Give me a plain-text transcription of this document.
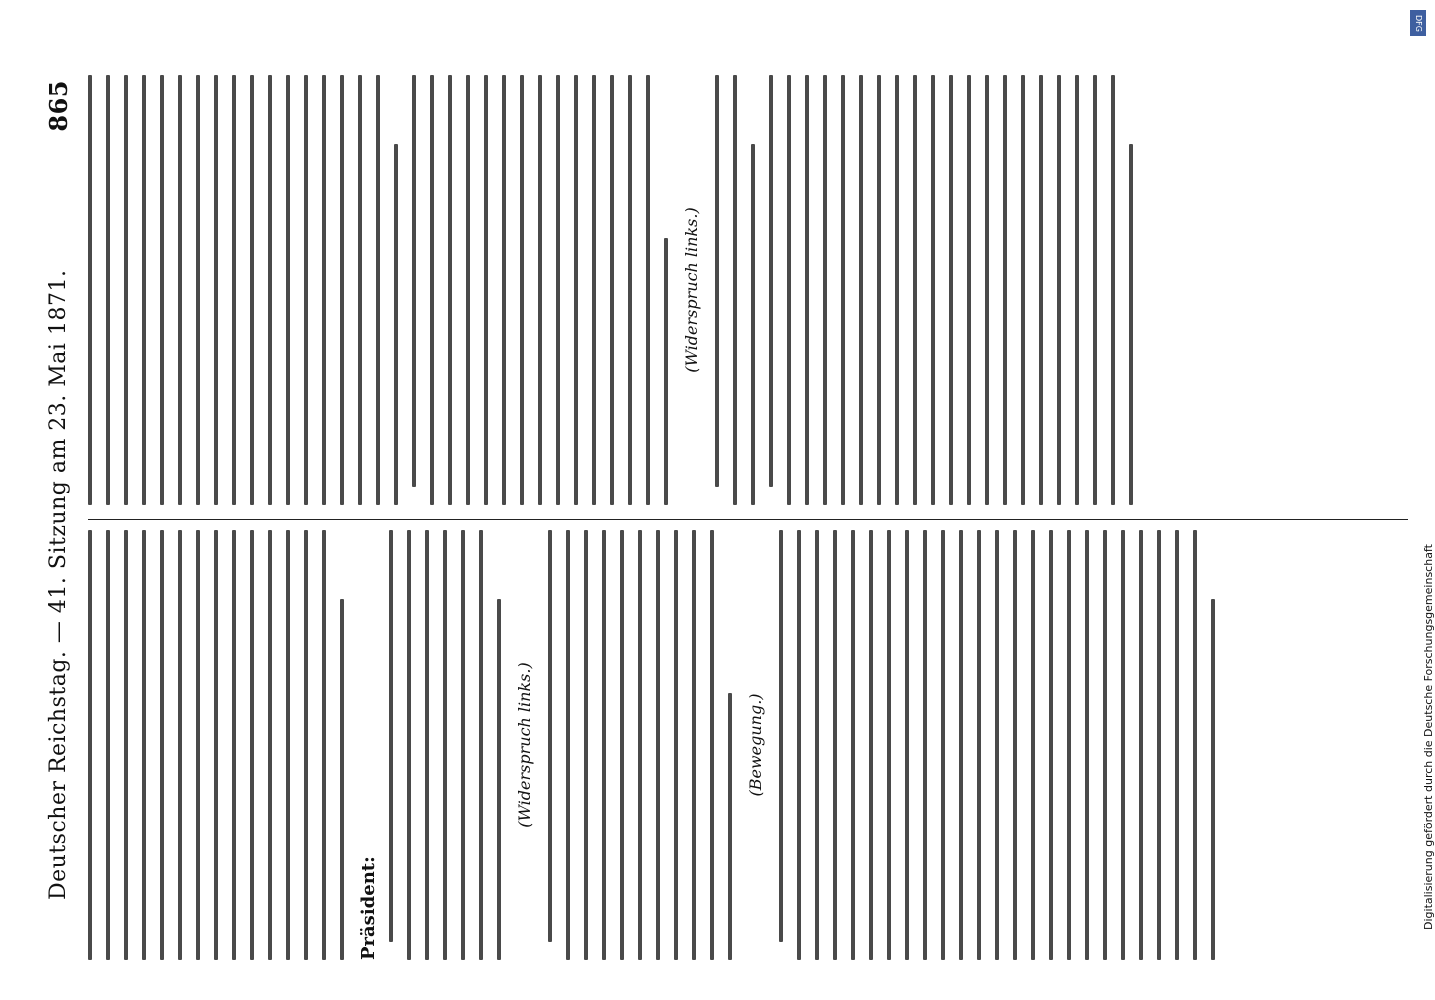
DFG
Digitalisierung gefördert durch die Deutsche Forschungsgemeinschaft
Deutscher Reichstag. — 41. Sitzung am 23. Mai 1871.
865
Präsident:
(Widerspruch links.)	(Bewegung.)
(Widerspruch links.)
